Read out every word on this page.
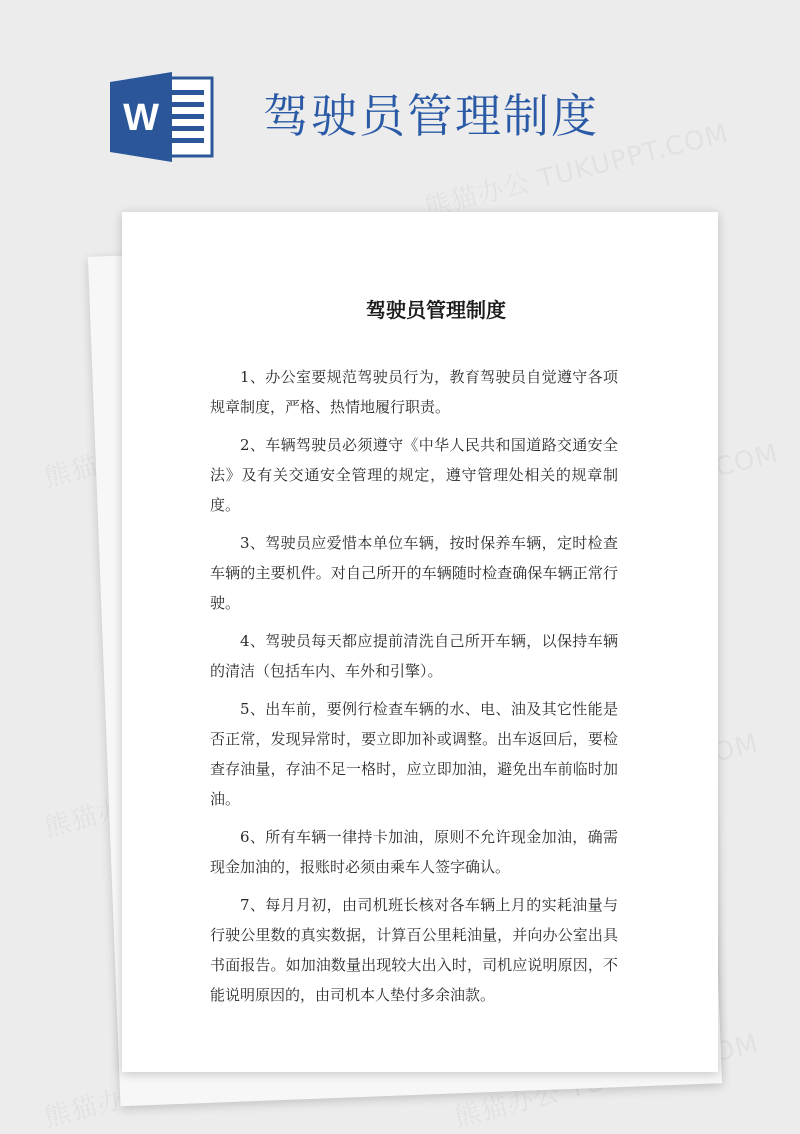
W 驾驶员管理制度
驾驶员管理制度

1、办公室要规范驾驶员行为，教育驾驶员自觉遵守各项规章制度，严格、热情地履行职责。

2、车辆驾驶员必须遵守《中华人民共和国道路交通安全法》及有关交通安全管理的规定，遵守管理处相关的规章制度。

3、驾驶员应爱惜本单位车辆，按时保养车辆，定时检查车辆的主要机件。对自己所开的车辆随时检查确保车辆正常行驶。

4、驾驶员每天都应提前清洗自己所开车辆，以保持车辆的清洁（包括车内、车外和引擎）。

5、出车前，要例行检查车辆的水、电、油及其它性能是否正常，发现异常时，要立即加补或调整。出车返回后，要检查存油量，存油不足一格时，应立即加油，避免出车前临时加油。

6、所有车辆一律持卡加油，原则不允许现金加油，确需现金加油的，报账时必须由乘车人签字确认。

7、每月月初，由司机班长核对各车辆上月的实耗油量与行驶公里数的真实数据，计算百公里耗油量，并向办公室出具书面报告。如加油数量出现较大出入时，司机应说明原因，不能说明原因的，由司机本人垫付多余油款。
